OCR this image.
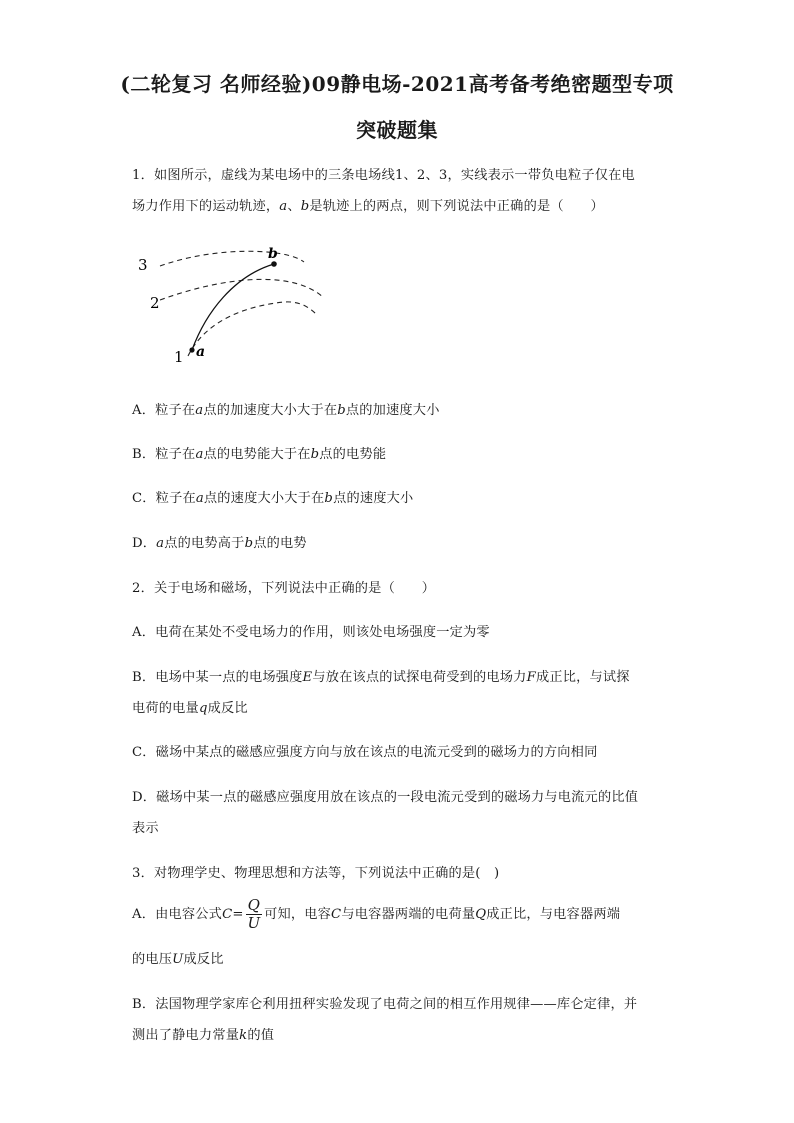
(二轮复习 名师经验)09静电场-2021高考备考绝密题型专项
突破题集
1．如图所示，虚线为某电场中的三条电场线1、2、3，实线表示一带负电粒子仅在电
场力作用下的运动轨迹，a、b是轨迹上的两点，则下列说法中正确的是（　　）
3
2
1 a
b
A．粒子在a点的加速度大小大于在b点的加速度大小
B．粒子在a点的电势能大于在b点的电势能
C．粒子在a点的速度大小大于在b点的速度大小
D．a点的电势高于b点的电势
2．关于电场和磁场，下列说法中正确的是（　　）
A．电荷在某处不受电场力的作用，则该处电场强度一定为零
B．电场中某一点的电场强度E与放在该点的试探电荷受到的电场力F成正比，与试探
电荷的电量q成反比
C．磁场中某点的磁感应强度方向与放在该点的电流元受到的磁场力的方向相同
D．磁场中某一点的磁感应强度用放在该点的一段电流元受到的磁场力与电流元的比值
表示
3．对物理学史、物理思想和方法等，下列说法中正确的是(　)
A．由电容公式$C= \frac{Q}{U}$ 可知，电容C与电容器两端的电荷量Q成正比，与电容器两端
的电压U成反比
B．法国物理学家库仑利用扭秤实验发现了电荷之间的相互作用规律——库仑定律，并
测出了静电力常量k的值
